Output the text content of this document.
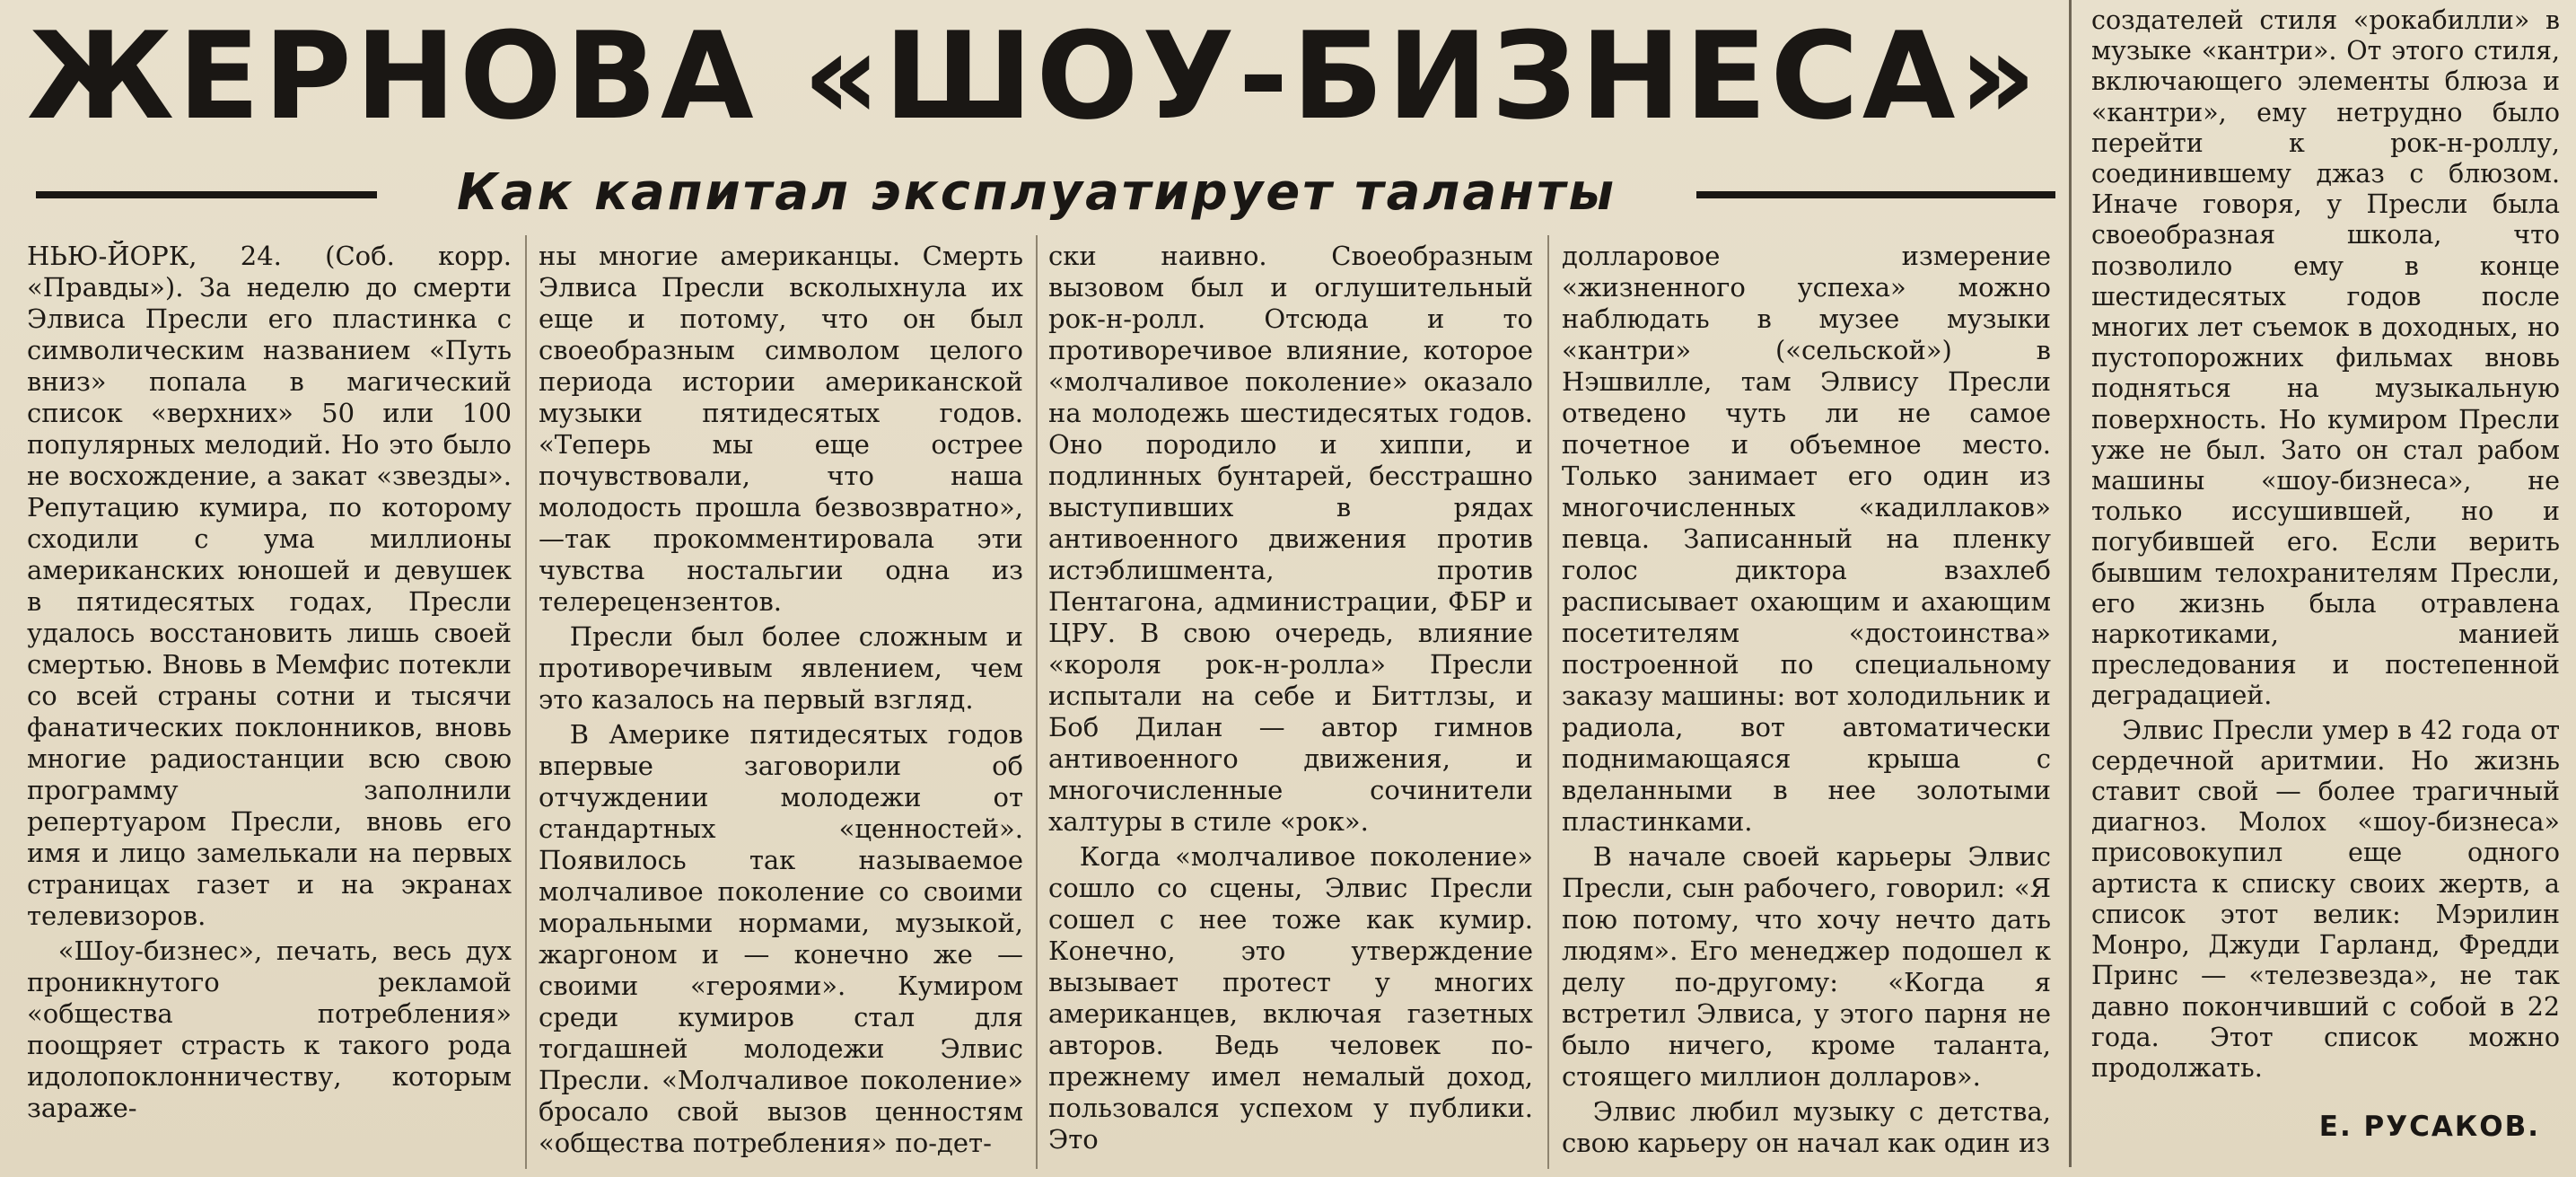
ЖЕРНОВА «ШОУ-БИЗНЕСА»
Как капитал эксплуатирует таланты

НЬЮ-ЙОРК, 24. (Соб. корр. «Правды»). За неделю до смерти Элвиса Пресли его пластинка с символическим названием «Путь вниз» попала в магический список «верхних» 50 или 100 популярных мелодий. Но это было не восхождение, а закат «звезды». Репутацию кумира, по которому сходили с ума миллионы американских юношей и девушек в пятидесятых годах, Пресли удалось восстановить лишь своей смертью. Вновь в Мемфис потекли со всей страны сотни и тысячи фанатических поклонников, вновь многие радиостанции всю свою программу заполнили репертуаром Пресли, вновь его имя и лицо замелькали на первых страницах газет и на экранах телевизоров.

«Шоу-бизнес», печать, весь дух проникнутого рекламой «общества потребления» поощряет страсть к такого рода идолопоклонничеству, которым зараже-

ны многие американцы. Смерть Элвиса Пресли всколыхнула их еще и потому, что он был своеобразным символом целого периода истории американской музыки пятидесятых годов. «Теперь мы еще острее почувствовали, что наша молодость прошла безвозвратно»,—так прокомментировала эти чувства ностальгии одна из телерецензентов.

Пресли был более сложным и противоречивым явлением, чем это казалось на первый взгляд.

В Америке пятидесятых годов впервые заговорили об отчуждении молодежи от стандартных «ценностей». Появилось так называемое молчаливое поколение со своими моральными нормами, музыкой, жаргоном и — конечно же — своими «героями». Кумиром среди кумиров стал для тогдашней молодежи Элвис Пресли. «Молчаливое поколение» бросало свой вызов ценностям «общества потребления» по-дет-

ски наивно. Своеобразным вызовом был и оглушительный рок-н-ролл. Отсюда и то противоречивое влияние, которое «молчаливое поколение» оказало на молодежь шестидесятых годов. Оно породило и хиппи, и подлинных бунтарей, бесстрашно выступивших в рядах антивоенного движения против истэблишмента, против Пентагона, администрации, ФБР и ЦРУ. В свою очередь, влияние «короля рок-н-ролла» Пресли испытали на себе и Биттлзы, и Боб Дилан — автор гимнов антивоенного движения, и многочисленные сочинители халтуры в стиле «рок».

Когда «молчаливое поколение» сошло со сцены, Элвис Пресли сошел с нее тоже как кумир. Конечно, это утверждение вызывает протест у многих американцев, включая газетных авторов. Ведь человек по-прежнему имел немалый доход, пользовался успехом у публики. Это

долларовое измерение «жизненного успеха» можно наблюдать в музее музыки «кантри» («сельской») в Нэшвилле, там Элвису Пресли отведено чуть ли не самое почетное и объемное место. Только занимает его один из многочисленных «кадиллаков» певца. Записанный на пленку голос диктора взахлеб расписывает охающим и ахающим посетителям «достоинства» построенной по специальному заказу машины: вот холодильник и радиола, вот автоматически поднимающаяся крыша с вделанными в нее золотыми пластинками.

В начале своей карьеры Элвис Пресли, сын рабочего, говорил: «Я пою потому, что хочу нечто дать людям». Его менеджер подошел к делу по-другому: «Когда я встретил Элвиса, у этого парня не было ничего, кроме таланта, стоящего миллион долларов».

Элвис любил музыку с детства, свою карьеру он начал как один из

создателей стиля «рокабилли» в музыке «кантри». От этого стиля, включающего элементы блюза и «кантри», ему нетрудно было перейти к рок-н-роллу, соединившему джаз с блюзом. Иначе говоря, у Пресли была своеобразная школа, что позволило ему в конце шестидесятых годов после многих лет съемок в доходных, но пустопорожних фильмах вновь подняться на музыкальную поверхность. Но кумиром Пресли уже не был. Зато он стал рабом машины «шоу-бизнеса», не только иссушившей, но и погубившей его. Если верить бывшим телохранителям Пресли, его жизнь была отравлена наркотиками, манией преследования и постепенной деградацией.

Элвис Пресли умер в 42 года от сердечной аритмии. Но жизнь ставит свой — более трагичный диагноз. Молох «шоу-бизнеса» присовокупил еще одного артиста к списку своих жертв, а список этот велик: Мэрилин Монро, Джуди Гарланд, Фредди Принс — «телезвезда», не так давно покончивший с собой в 22 года. Этот список можно продолжать.

Е. РУСАКОВ.
